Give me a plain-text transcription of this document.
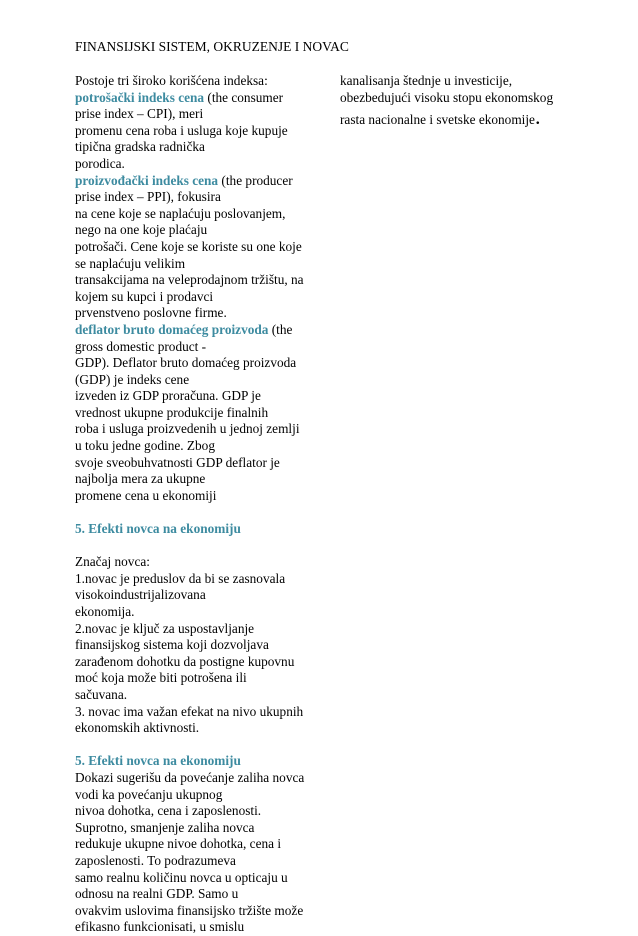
FINANSIJSKI SISTEM, OKRUZENJE I NOVAC
Postoje tri široko korišćena indeksa:
potrošački indeks cena (the consumer
prise index – CPI), meri
promenu cena roba i usluga koje kupuje
tipična gradska radnička
porodica.
proizvođački indeks cena (the producer
prise index – PPI), fokusira
na cene koje se naplaćuju poslovanjem,
nego na one koje plaćaju
potrošači. Cene koje se koriste su one koje
se naplaćuju velikim
transakcijama na veleprodajnom tržištu, na
kojem su kupci i prodavci
prvenstveno poslovne firme.
deflator bruto domaćeg proizvoda (the
gross domestic product -
GDP). Deflator bruto domaćeg proizvoda
(GDP) je indeks cene
izveden iz GDP proračuna. GDP je
vrednost ukupne produkcije finalnih
roba i usluga proizvedenih u jednoj zemlji
u toku jedne godine. Zbog
svoje sveobuhvatnosti GDP deflator je
najbolja mera za ukupne
promene cena u ekonomiji
5. Efekti novca na ekonomiju
Značaj novca:
1.novac je preduslov da bi se zasnovala
visokoindustrijalizovana
ekonomija.
2.novac je ključ za uspostavljanje
finansijskog sistema koji dozvoljava
zarađenom dohotku da postigne kupovnu
moć koja može biti potrošena ili
sačuvana.
3. novac ima važan efekat na nivo ukupnih
ekonomskih aktivnosti.
5. Efekti novca na ekonomiju
Dokazi sugerišu da povećanje zaliha novca
vodi ka povećanju ukupnog
nivoa dohotka, cena i zaposlenosti.
Suprotno, smanjenje zaliha novca
redukuje ukupne nivoe dohotka, cena i
zaposlenosti. To podrazumeva
samo realnu količinu novca u opticaju u
odnosu na realni GDP. Samo u
ovakvim uslovima finansijsko tržište može
efikasno funkcionisati, u smislu
kanalisanja štednje u investicije,
obezbedujući visoku stopu ekonomskog
rasta nacionalne i svetske ekonomije.
